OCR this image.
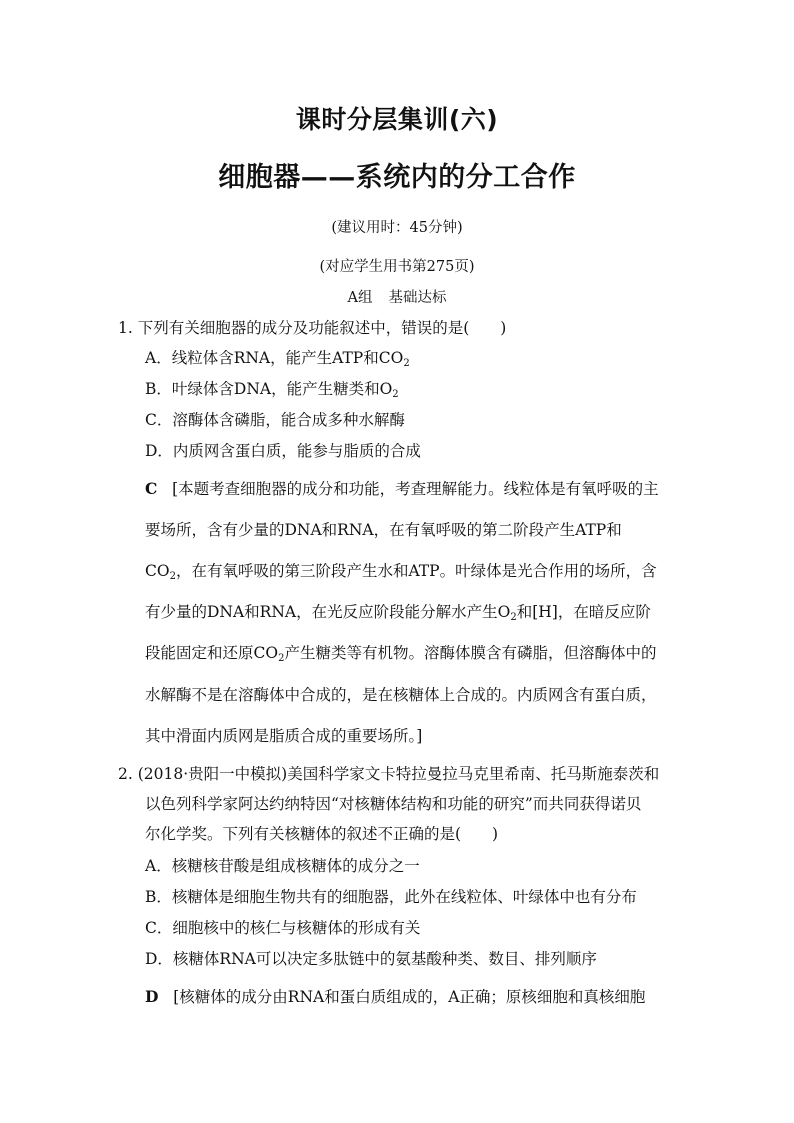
课时分层集训(六)
细胞器——系统内的分工合作
(建议用时：45分钟)
(对应学生用书第275页)
A组 基础达标
1. 下列有关细胞器的成分及功能叙述中，错误的是(　　)
A．线粒体含RNA，能产生ATP和$CO_2$
B．叶绿体含DNA，能产生糖类和$O_2$
C．溶酶体含磷脂，能合成多种水解酶
D．内质网含蛋白质，能参与脂质的合成
C [本题考查细胞器的成分和功能，考查理解能力。线粒体是有氧呼吸的主
要场所，含有少量的DNA和RNA，在有氧呼吸的第二阶段产生ATP和
$CO_2$，在有氧呼吸的第三阶段产生水和ATP。叶绿体是光合作用的场所，含
有少量的DNA和RNA，在光反应阶段能分解水产生$O_2$和[H]，在暗反应阶
段能固定和还原$CO_2$产生糖类等有机物。溶酶体膜含有磷脂，但溶酶体中的
水解酶不是在溶酶体中合成的，是在核糖体上合成的。内质网含有蛋白质，
其中滑面内质网是脂质合成的重要场所。]
2. (2018·贵阳一中模拟)美国科学家文卡特拉曼拉马克里希南、托马斯施泰茨和
以色列科学家阿达约纳特因“对核糖体结构和功能的研究”而共同获得诺贝
尔化学奖。下列有关核糖体的叙述不正确的是(　　)
A．核糖核苷酸是组成核糖体的成分之一
B．核糖体是细胞生物共有的细胞器，此外在线粒体、叶绿体中也有分布
C．细胞核中的核仁与核糖体的形成有关
D．核糖体RNA可以决定多肽链中的氨基酸种类、数目、排列顺序
D [核糖体的成分由RNA和蛋白质组成的，A正确；原核细胞和真核细胞
